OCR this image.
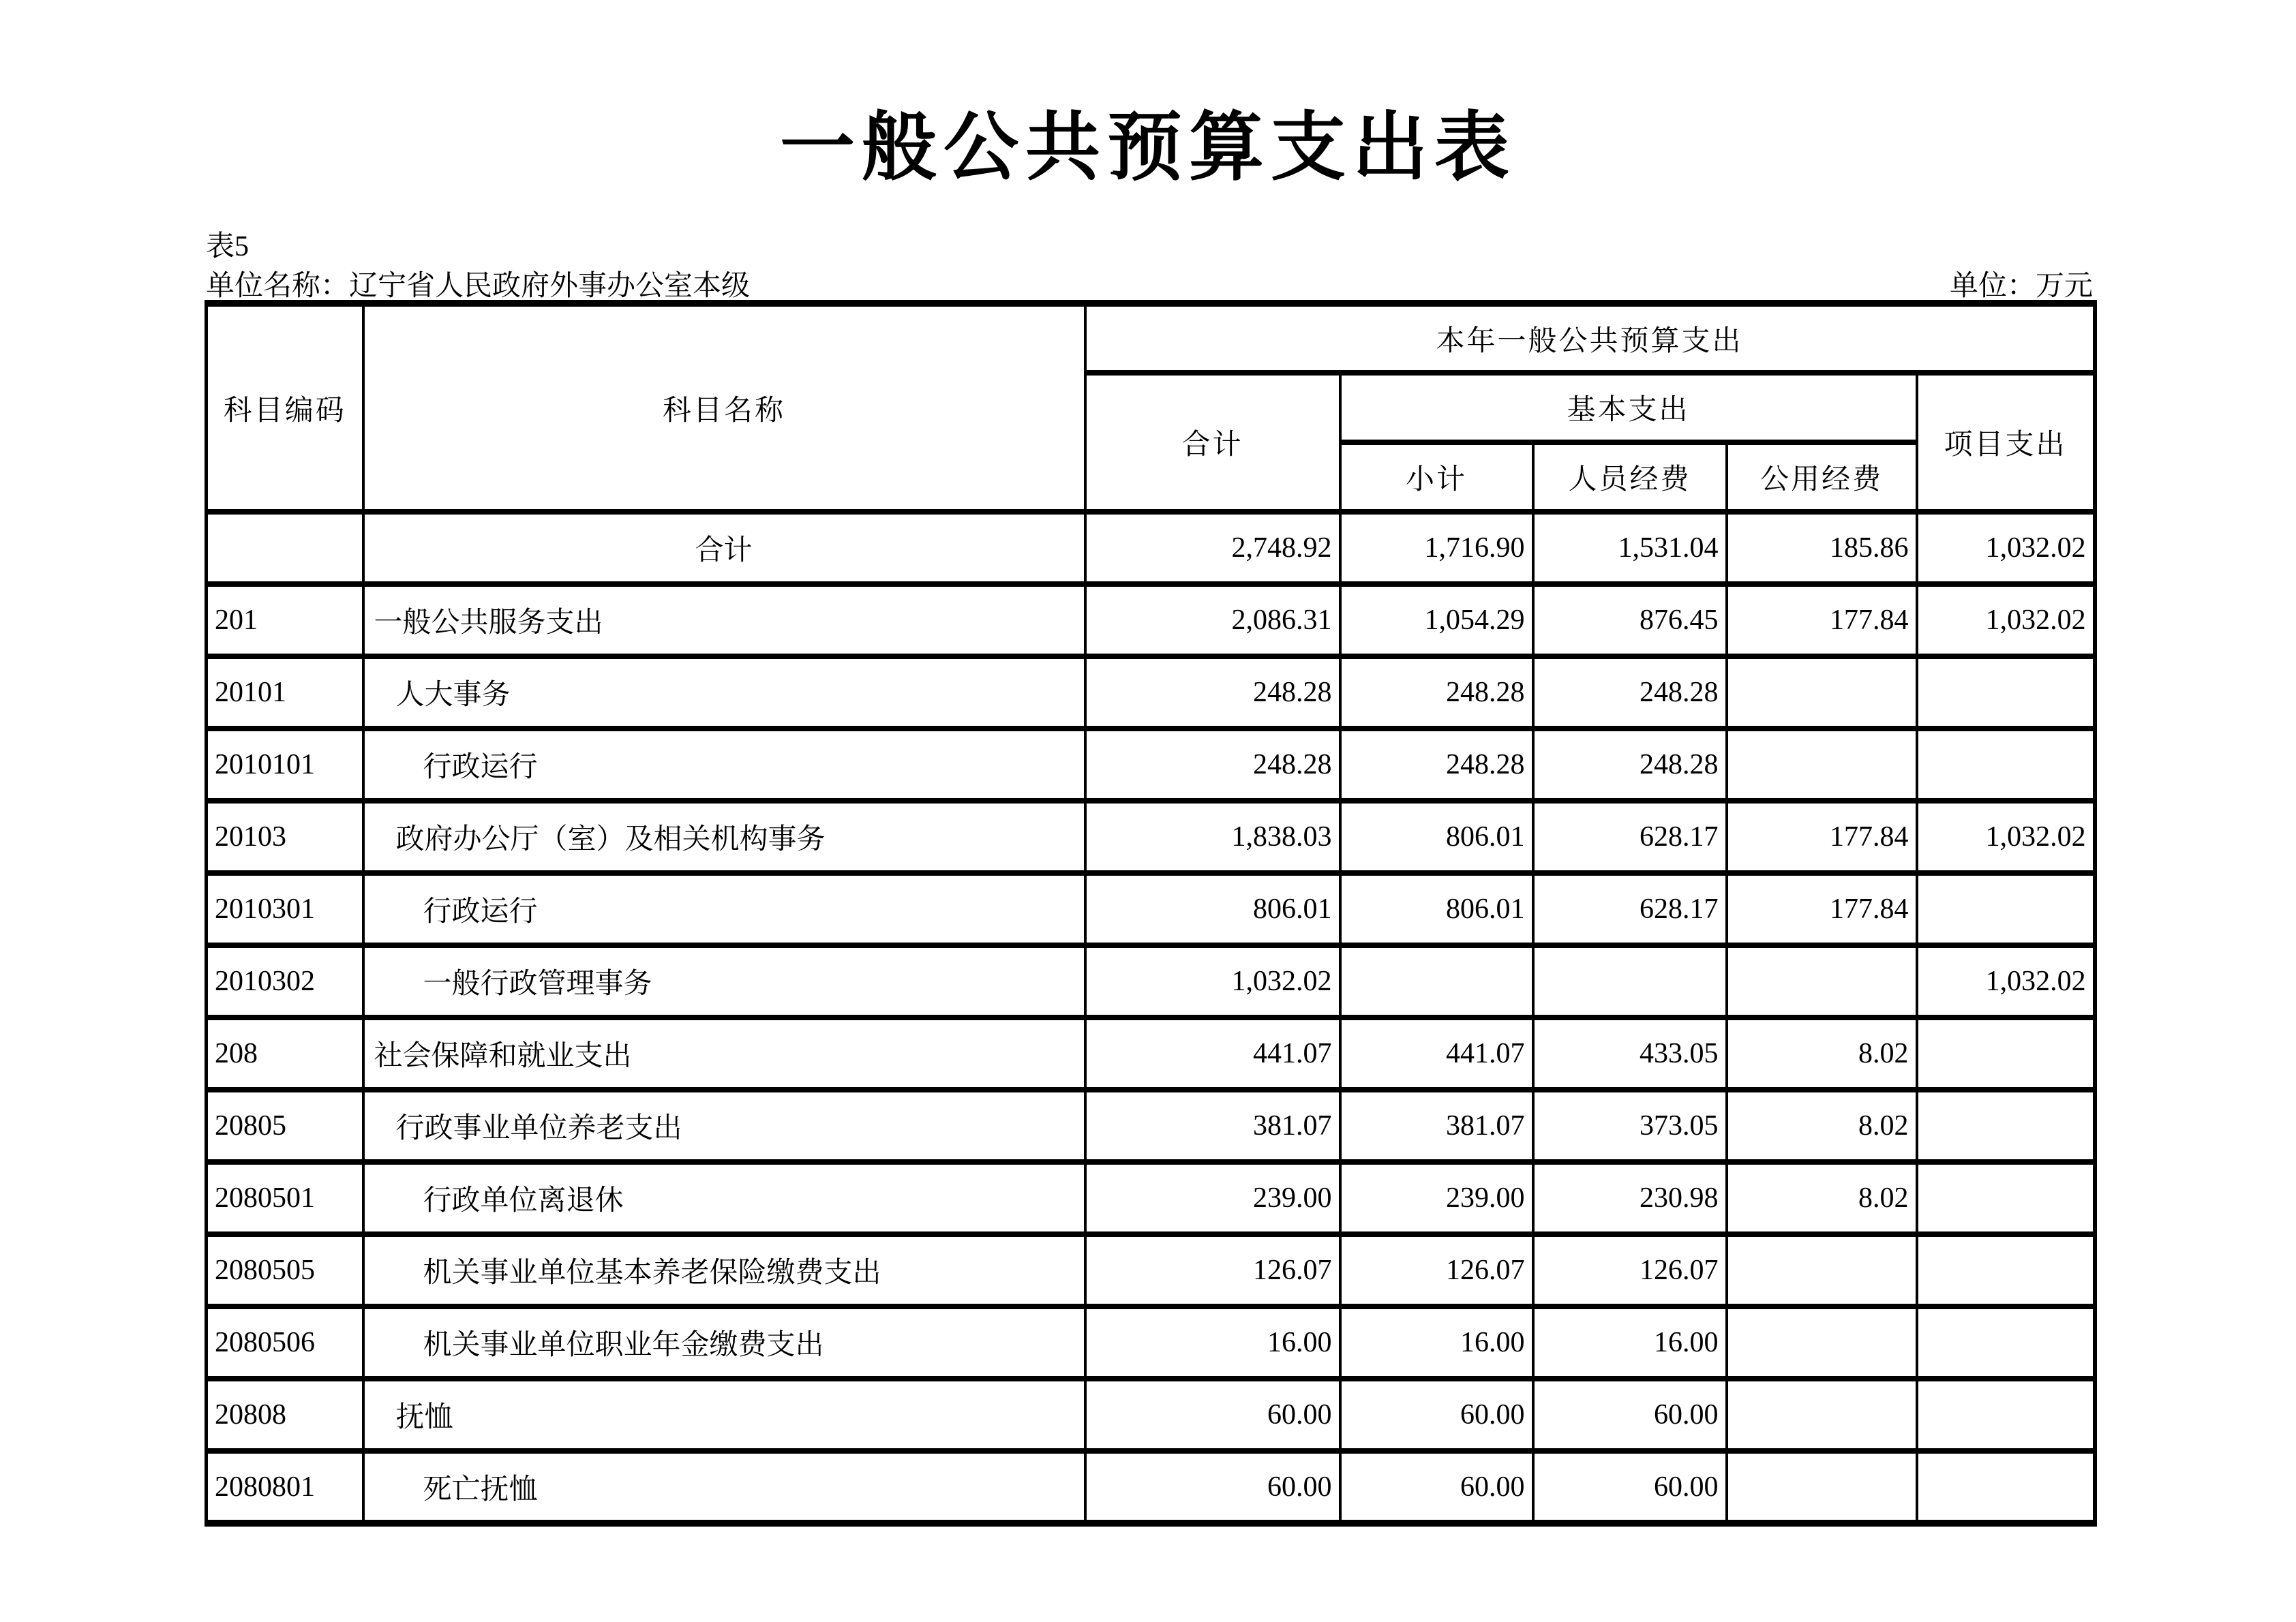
一般公共预算支出表
表5
单位名称：辽宁省人民政府外事办公室本级	单位：万元
科目编码	科目名称	本年一般公共预算支出				
		合计	基本支出			项目支出
			小计	人员经费	公用经费	
	合计	2,748.92	1,716.90	1,531.04	185.86	1,032.02
201	一般公共服务支出	2,086.31	1,054.29	876.45	177.84	1,032.02
20101	人大事务	248.28	248.28	248.28		
2010101	行政运行	248.28	248.28	248.28		
20103	政府办公厅（室）及相关机构事务	1,838.03	806.01	628.17	177.84	1,032.02
2010301	行政运行	806.01	806.01	628.17	177.84	
2010302	一般行政管理事务	1,032.02				1,032.02
208	社会保障和就业支出	441.07	441.07	433.05	8.02	
20805	行政事业单位养老支出	381.07	381.07	373.05	8.02	
2080501	行政单位离退休	239.00	239.00	230.98	8.02	
2080505	机关事业单位基本养老保险缴费支出	126.07	126.07	126.07		
2080506	机关事业单位职业年金缴费支出	16.00	16.00	16.00		
20808	抚恤	60.00	60.00	60.00		
2080801	死亡抚恤	60.00	60.00	60.00		
